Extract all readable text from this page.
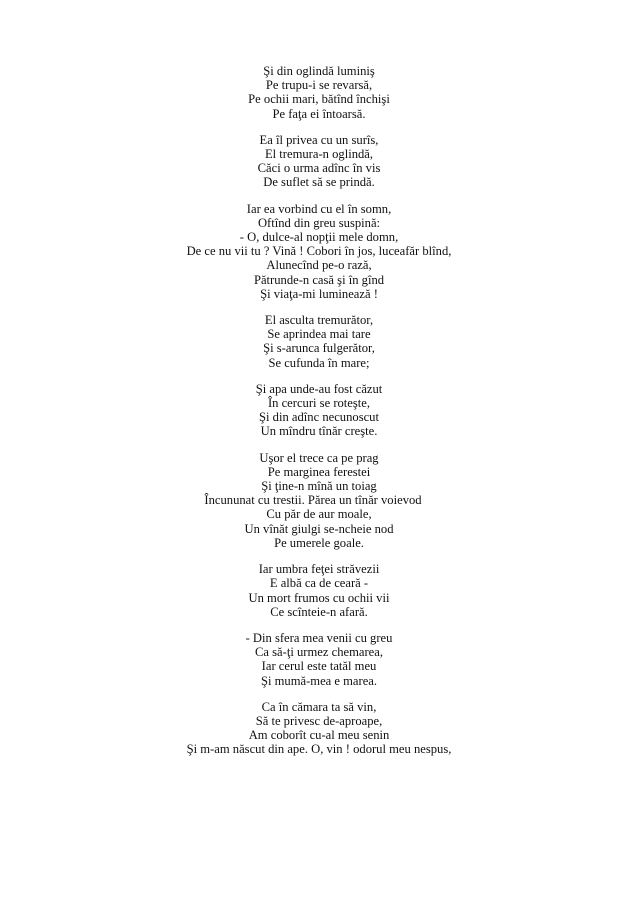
Şi din oglindă luminiş
Pe trupu-i se revarsă,
Pe ochii mari, bătînd închişi
Pe faţa ei întoarsă.
Ea îl privea cu un surîs,
El tremura-n oglindă,
Căci o urma adînc în vis
De suflet să se prindă.
Iar ea vorbind cu el în somn,
Oftînd din greu suspină:
- O, dulce-al nopţii mele domn,
De ce nu vii tu ? Vină ! Cobori în jos, luceafăr blînd,
Alunecînd pe-o rază,
Pătrunde-n casă şi în gînd
Şi viaţa-mi luminează !
El asculta tremurător,
Se aprindea mai tare
Şi s-arunca fulgerător,
Se cufunda în mare;
Şi apa unde-au fost căzut
În cercuri se roteşte,
Şi din adînc necunoscut
Un mîndru tînăr creşte.
Uşor el trece ca pe prag
Pe marginea ferestei
Şi ţine-n mînă un toiag
Încununat cu trestii. Părea un tînăr voievod
Cu păr de aur moale,
Un vînăt giulgi se-ncheie nod
Pe umerele goale.
Iar umbra feţei străvezii
E albă ca de ceară -
Un mort frumos cu ochii vii
Ce scînteie-n afară.
- Din sfera mea venii cu greu
Ca să-ţi urmez chemarea,
Iar cerul este tatăl meu
Şi mumă-mea e marea.
Ca în cămara ta să vin,
Să te privesc de-aproape,
Am coborît cu-al meu senin
Şi m-am născut din ape. O, vin ! odorul meu nespus,
